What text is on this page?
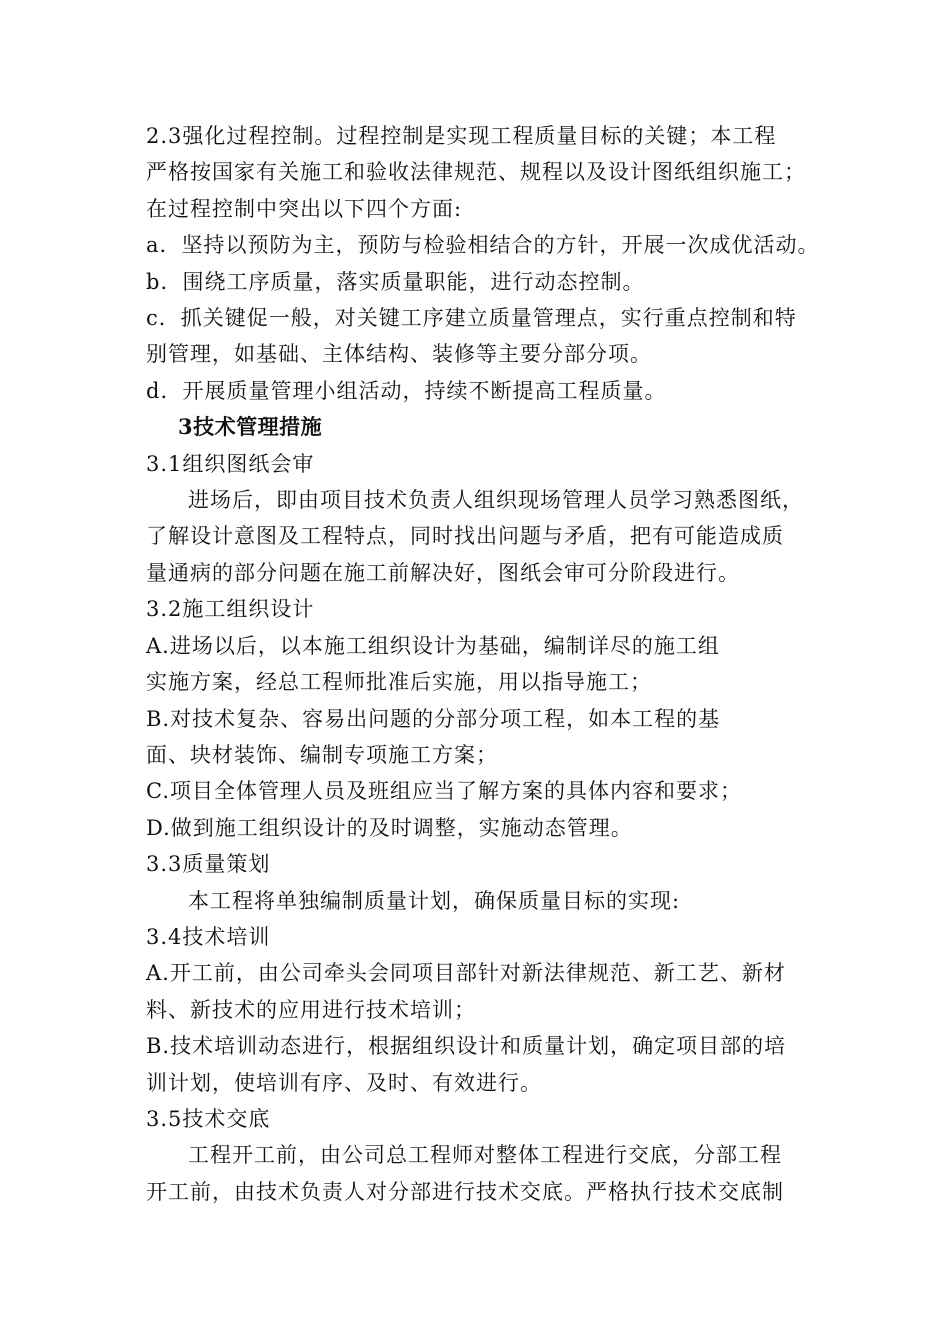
2.3强化过程控制。过程控制是实现工程质量目标的关键；本工程

严格按国家有关施工和验收法律规范、规程以及设计图纸组织施工；

在过程控制中突出以下四个方面:

a．坚持以预防为主，预防与检验相结合的方针，开展一次成优活动。

b．围绕工序质量，落实质量职能，进行动态控制。

c．抓关键促一般，对关键工序建立质量管理点，实行重点控制和特

别管理，如基础、主体结构、装修等主要分部分项。

d．开展质量管理小组活动，持续不断提高工程质量。

3技术管理措施

3.1组织图纸会审

进场后，即由项目技术负责人组织现场管理人员学习熟悉图纸，

了解设计意图及工程特点，同时找出问题与矛盾，把有可能造成质

量通病的部分问题在施工前解决好，图纸会审可分阶段进行。

3.2施工组织设计

A.进场以后，以本施工组织设计为基础，编制详尽的施工组

实施方案，经总工程师批准后实施，用以指导施工；

B.对技术复杂、容易出问题的分部分项工程，如本工程的基

面、块材装饰、编制专项施工方案；

C.项目全体管理人员及班组应当了解方案的具体内容和要求；

D.做到施工组织设计的及时调整，实施动态管理。

3.3质量策划

本工程将单独编制质量计划，确保质量目标的实现:

3.4技术培训

A.开工前，由公司牵头会同项目部针对新法律规范、新工艺、新材

料、新技术的应用进行技术培训；

B.技术培训动态进行，根据组织设计和质量计划，确定项目部的培

训计划，使培训有序、及时、有效进行。

3.5技术交底

工程开工前，由公司总工程师对整体工程进行交底，分部工程

开工前，由技术负责人对分部进行技术交底。严格执行技术交底制
